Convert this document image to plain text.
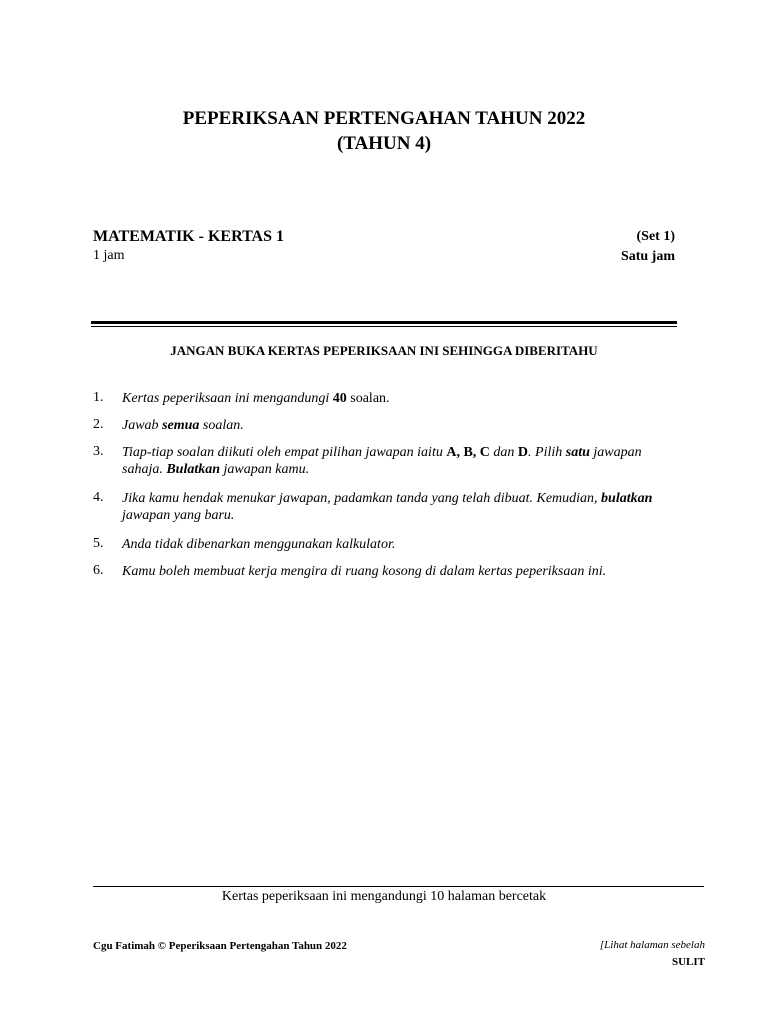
PEPERIKSAAN PERTENGAHAN TAHUN 2022
(TAHUN 4)
MATEMATIK - KERTAS 1
1 jam
(Set 1)
Satu jam
JANGAN BUKA KERTAS PEPERIKSAAN INI SEHINGGA DIBERITAHU
1.	Kertas peperiksaan ini mengandungi 40 soalan.
2.	Jawab semua soalan.
3.	Tiap-tiap soalan diikuti oleh empat pilihan jawapan iaitu A, B, C dan D. Pilih satu jawapan sahaja. Bulatkan jawapan kamu.
4.	Jika kamu hendak menukar jawapan, padamkan tanda yang telah dibuat. Kemudian, bulatkan jawapan yang baru.
5.	Anda tidak dibenarkan menggunakan kalkulator.
6.	Kamu boleh membuat kerja mengira di ruang kosong di dalam kertas peperiksaan ini.
Kertas peperiksaan ini mengandungi 10 halaman bercetak
Cgu Fatimah © Peperiksaan Pertengahan Tahun 2022	[Lihat halaman sebelah
SULIT
